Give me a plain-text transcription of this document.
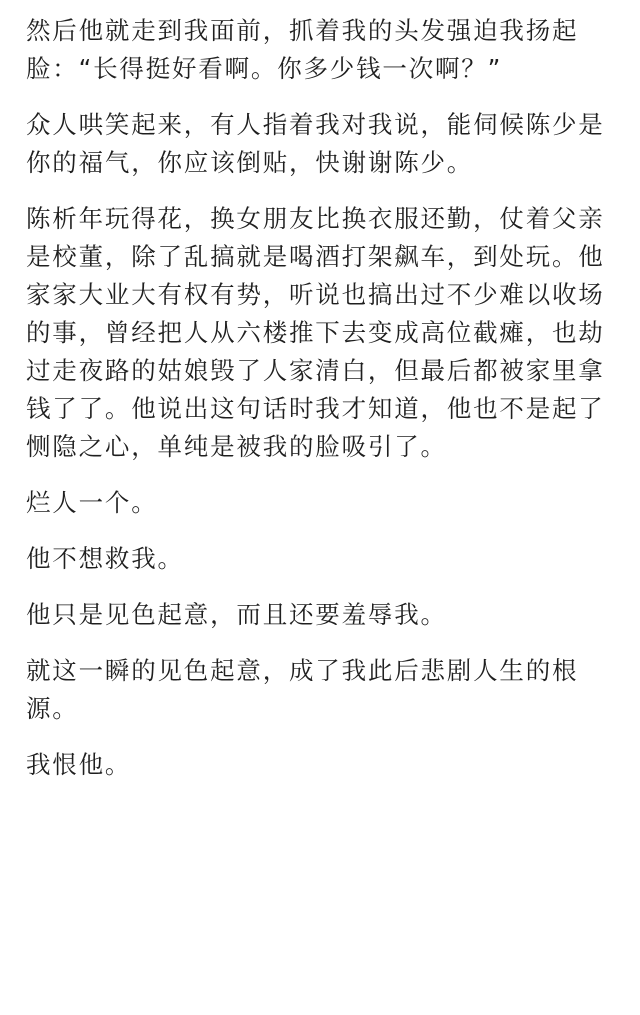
然后他就走到我面前，抓着我的头发强迫我扬起脸：“长得挺好看啊。你多少钱一次啊？”

众人哄笑起来，有人指着我对我说，能伺候陈少是你的福气，你应该倒贴，快谢谢陈少。

陈析年玩得花，换女朋友比换衣服还勤，仗着父亲是校董，除了乱搞就是喝酒打架飙车，到处玩。他家家大业大有权有势，听说也搞出过不少难以收场的事，曾经把人从六楼推下去变成高位截瘫，也劫过走夜路的姑娘毁了人家清白，但最后都被家里拿钱了了。他说出这句话时我才知道，他也不是起了恻隐之心，单纯是被我的脸吸引了。

烂人一个。

他不想救我。

他只是见色起意，而且还要羞辱我。

就这一瞬的见色起意，成了我此后悲剧人生的根源。

我恨他。
